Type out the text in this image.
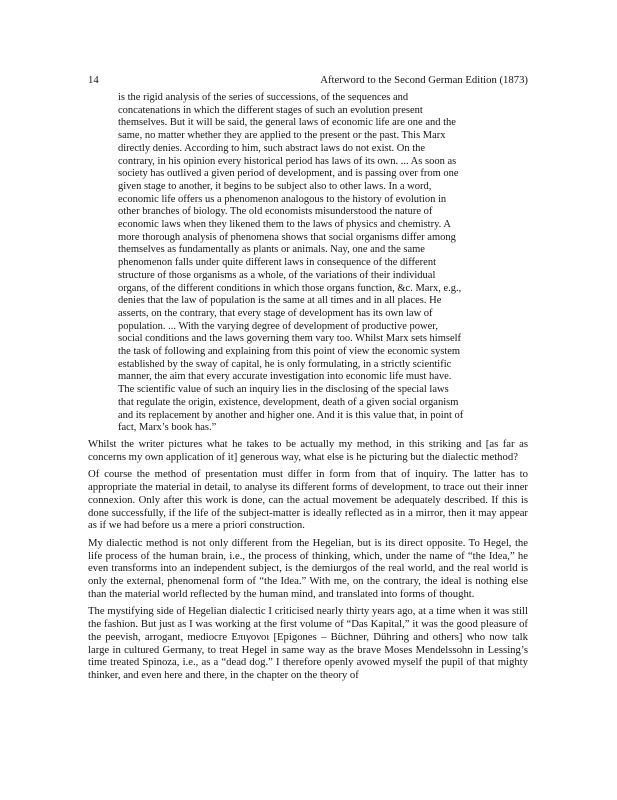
14	Afterword to the Second German Edition (1873)
is the rigid analysis of the series of successions, of the sequences and
concatenations in which the different stages of such an evolution present
themselves. But it will be said, the general laws of economic life are one and the
same, no matter whether they are applied to the present or the past. This Marx
directly denies. According to him, such abstract laws do not exist. On the
contrary, in his opinion every historical period has laws of its own. ... As soon as
society has outlived a given period of development, and is passing over from one
given stage to another, it begins to be subject also to other laws. In a word,
economic life offers us a phenomenon analogous to the history of evolution in
other branches of biology. The old economists misunderstood the nature of
economic laws when they likened them to the laws of physics and chemistry. A
more thorough analysis of phenomena shows that social organisms differ among
themselves as fundamentally as plants or animals. Nay, one and the same
phenomenon falls under quite different laws in consequence of the different
structure of those organisms as a whole, of the variations of their individual
organs, of the different conditions in which those organs function, &c. Marx, e.g.,
denies that the law of population is the same at all times and in all places. He
asserts, on the contrary, that every stage of development has its own law of
population. ... With the varying degree of development of productive power,
social conditions and the laws governing them vary too. Whilst Marx sets himself
the task of following and explaining from this point of view the economic system
established by the sway of capital, he is only formulating, in a strictly scientific
manner, the aim that every accurate investigation into economic life must have.
The scientific value of such an inquiry lies in the disclosing of the special laws
that regulate the origin, existence, development, death of a given social organism
and its replacement by another and higher one. And it is this value that, in point of
fact, Marx’s book has.”

Whilst the writer pictures what he takes to be actually my method, in this striking and [as far as concerns my own application of it] generous way, what else is he picturing but the dialectic method?

Of course the method of presentation must differ in form from that of inquiry. The latter has to appropriate the material in detail, to analyse its different forms of development, to trace out their inner connexion. Only after this work is done, can the actual movement be adequately described. If this is done successfully, if the life of the subject-matter is ideally reflected as in a mirror, then it may appear as if we had before us a mere a priori construction.

My dialectic method is not only different from the Hegelian, but is its direct opposite. To Hegel, the life process of the human brain, i.e., the process of thinking, which, under the name of “the Idea,” he even transforms into an independent subject, is the demiurgos of the real world, and the real world is only the external, phenomenal form of “the Idea.” With me, on the contrary, the ideal is nothing else than the material world reflected by the human mind, and translated into forms of thought.

The mystifying side of Hegelian dialectic I criticised nearly thirty years ago, at a time when it was still the fashion. But just as I was working at the first volume of “Das Kapital,” it was the good pleasure of the peevish, arrogant, mediocre Επιγονοι [Epigones – Büchner, Dühring and others] who now talk large in cultured Germany, to treat Hegel in same way as the brave Moses Mendelssohn in Lessing’s time treated Spinoza, i.e., as a “dead dog.” I therefore openly avowed myself the pupil of that mighty thinker, and even here and there, in the chapter on the theory of
